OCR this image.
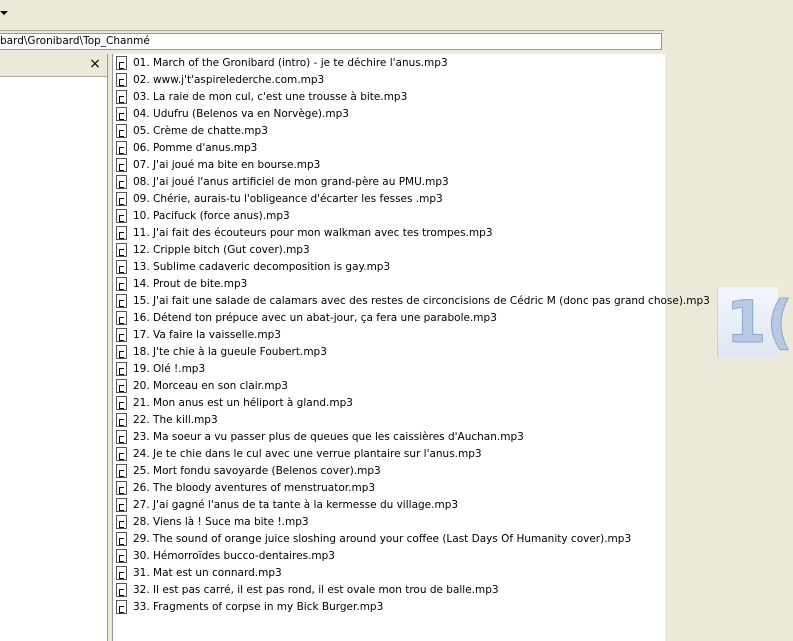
bard\Gronibard\Top_Chanmé
×	01. March of the Gronibard (intro) - je te déchire l'anus.mp3
02. www.j't'aspirelederche.com.mp3
03. La raie de mon cul, c'est une trousse à bite.mp3
04. Udufru (Belenos va en Norvège).mp3
05. Crème de chatte.mp3
06. Pomme d'anus.mp3
07. J'ai joué ma bite en bourse.mp3
08. J'ai joué l'anus artificiel de mon grand-père au PMU.mp3
09. Chérie, aurais-tu l'obligeance d'écarter les fesses .mp3
10. Pacifuck (force anus).mp3
11. J'ai fait des écouteurs pour mon walkman avec tes trompes.mp3
12. Cripple bitch (Gut cover).mp3
13. Sublime cadaveric decomposition is gay.mp3
14. Prout de bite.mp3
15. J'ai fait une salade de calamars avec des restes de circoncisions de Cédric M (donc pas grand chose).mp3
16. Détend ton prépuce avec un abat-jour, ça fera une parabole.mp3
17. Va faire la vaisselle.mp3
18. J'te chie à la gueule Foubert.mp3
19. Olé !.mp3
20. Morceau en son clair.mp3
21. Mon anus est un héliport à gland.mp3
22. The kill.mp3
23. Ma soeur a vu passer plus de queues que les caissières d'Auchan.mp3
24. Je te chie dans le cul avec une verrue plantaire sur l'anus.mp3
25. Mort fondu savoyarde (Belenos cover).mp3
26. The bloody aventures of menstruator.mp3
27. J'ai gagné l'anus de ta tante à la kermesse du village.mp3
28. Viens là ! Suce ma bite !.mp3
29. The sound of orange juice sloshing around your coffee (Last Days Of Humanity cover).mp3
30. Hémorroïdes bucco-dentaires.mp3
31. Mat est un connard.mp3
32. Il est pas carré, il est pas rond, il est ovale mon trou de balle.mp3
33. Fragments of corpse in my Bick Burger.mp3
1(
